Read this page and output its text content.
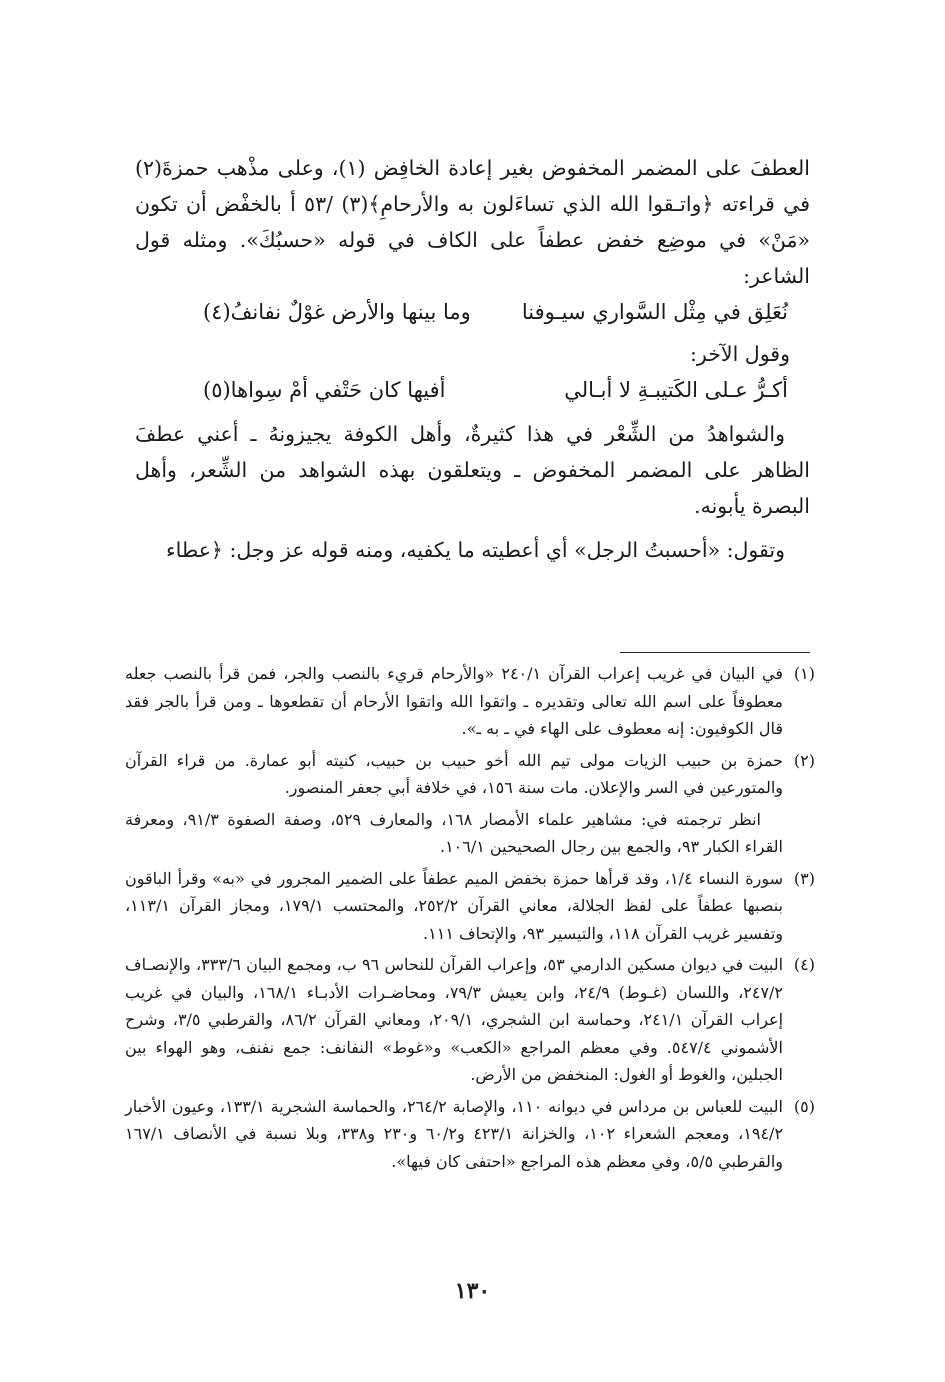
العطفَ على المضمر المخفوض بغير إعادة الخافِض (١)، وعلى مذْهب حمزةَ(٢) في قراءته ﴿واتـقوا الله الذي تساءَلون به والأرحامِ﴾(٣) /٥٣ أ بالخفْض أن تكون «مَنْ» في موضِع خفض عطفاً على الكاف في قوله «حسبُكَ». ومثله قول الشاعر:

نُعَلِق في مِثْل السَّواري سيـوفنا
وما بينها والأرض غوْلٌ نفانفُ(٤)

وقول الآخر:

أكـرُّ عـلى الكَتيبـةِ لا أبـالي
أفيها كان حَتْفي أمْ سِواها(٥)

والشواهدُ من الشِّعْر في هذا كثيرةٌ، وأهل الكوفة يجيزونهُ ـ أعني عطفَ الظاهر على المضمر المخفوض ـ ويتعلقون بهذه الشواهد من الشِّعر، وأهل البصرة يأبونه.

وتقول: «أحسبتُ الرجل» أي أعطيته ما يكفيه، ومنه قوله عز وجل: ﴿عطاء

(١)
في البيان في غريب إعراب القرآن ٢٤٠/١ «والأرحام قريء بالنصب والجر، فمن قرأ بالنصب جعله معطوفاً على اسم الله تعالى وتقديره ـ واتقوا الله واتقوا الأرحام أن تقطعوها ـ ومن قرأ بالجر فقد قال الكوفيون: إنه معطوف على الهاء في ـ به ـ».
(٢)
حمزة بن حبيب الزيات مولى تيم الله أخو حبيب بن حبيب، كنيته أبو عمارة. من قراء القرآن والمتورعين في السر والإعلان. مات سنة ١٥٦، في خلافة أبي جعفر المنصور.

انظر ترجمته في: مشاهير علماء الأمصار ١٦٨، والمعارف ٥٢٩، وصفة الصفوة ٩١/٣، ومعرفة القراء الكبار ٩٣، والجمع بين رجال الصحيحين ١٠٦/١.

(٣)
سورة النساء ١/٤، وقد قرأها حمزة بخفض الميم عطفاً على الضمير المجرور في «به» وقرأ الباقون بنصبها عطفاً على لفظ الجلالة، معاني القرآن ٢٥٢/٢، والمحتسب ١٧٩/١، ومجاز القرآن ١١٣/١، وتفسير غريب القرآن ١١٨، والتيسير ٩٣، والإتحاف ١١١.
(٤)
البيت في ديوان مسكين الدارمي ٥٣، وإعراب القرآن للنحاس ٩٦ ب، ومجمع البيان ٣٣٣/٦، والإنصـاف ٢٤٧/٢، واللسان (غـوط) ٢٤/٩، وابن يعيش ٧٩/٣، ومحاضـرات الأدبـاء ١٦٨/١، والبيان في غريب إعراب القرآن ٢٤١/١، وحماسة ابن الشجري، ٢٠٩/١، ومعاني القرآن ٨٦/٢، والقرطبي ٣/٥، وشرح الأشموني ٥٤٧/٤. وفي معظم المراجع «الكعب» و«غوط» النفانف: جمع نفنف، وهو الهواء بين الجبلين، والغوط أو الغول: المنخفض من الأرض.
(٥)
البيت للعباس بن مرداس في ديوانه ١١٠، والإصابة ٢٦٤/٢، والحماسة الشجرية ١٣٣/١، وعيون الأخبار ١٩٤/٢، ومعجم الشعراء ١٠٢، والخزانة ٤٢٣/١ و٦٠/٢ و٢٣٠ و٣٣٨، وبلا نسبة في الأنصاف ١٦٧/١ والقرطبي ٥/٥، وفي معظم هذه المراجع «احتفى كان فيها».
١٣٠
